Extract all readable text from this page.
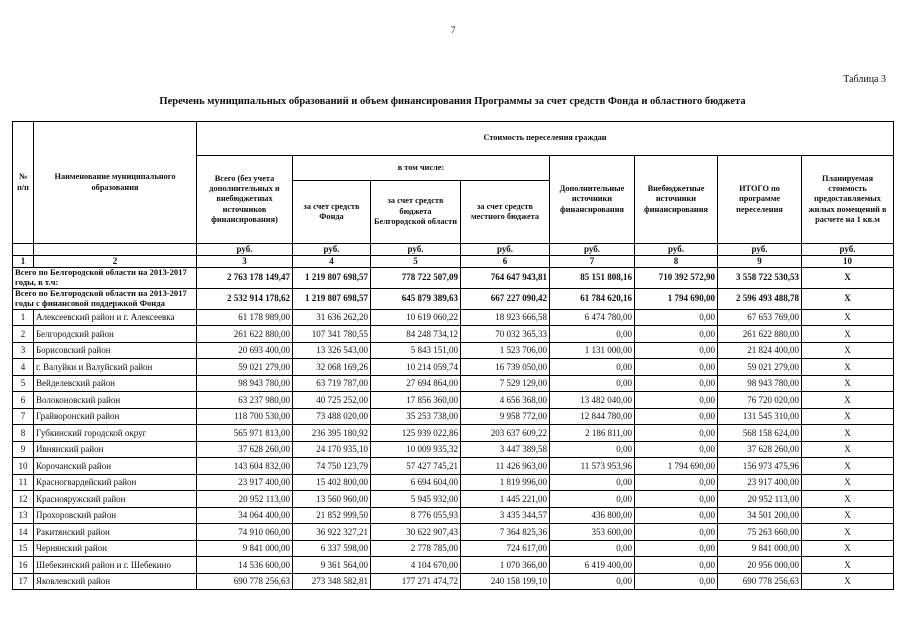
7
Таблица 3
Перечень муниципальных образований и объем финансирования Программы за счет средств Фонда и областного бюджета
№ п/п	Наименование муниципального образования	Стоимость переселения граждан							
		Всего (без учета дополнительных и внебюджетных источников финансирования)	в том числе:			Дополнительные источники финансирования	Внебюджетные источники финансирования	ИТОГО по программе переселения	Планируемая стоимость предоставляемых жилых помещений в расчете на 1 кв.м
			за счет средств Фонда	за счет средств бюджета Белгородской области	за счет средств местного бюджета				
		руб.	руб.	руб.	руб.	руб.	руб.	руб.	руб.
1	2	3	4	5	6	7	8	9	10
Всего по Белгородской области на 2013-2017 годы, в т.ч:		2 763 178 149,47	1 219 807 698,57	778 722 507,09	764 647 943,81	85 151 808,16	710 392 572,90	3 558 722 530,53	X
Всего по Белгородской области на 2013-2017 годы с финансовой поддержкой Фонда		2 532 914 178,62	1 219 807 698,57	645 879 389,63	667 227 090,42	61 784 620,16	1 794 690,00	2 596 493 488,78	X
1	Алексеевский район и г. Алексеевка	61 178 989,00	31 636 262,20	10 619 060,22	18 923 666,58	6 474 780,00	0,00	67 653 769,00	X
2	Белгородский район	261 622 880,00	107 341 780,55	84 248 734,12	70 032 365,33	0,00	0,00	261 622 880,00	X
3	Борисовский район	20 693 400,00	13 326 543,00	5 843 151,00	1 523 706,00	1 131 000,00	0,00	21 824 400,00	X
4	г. Валуйки и Валуйский район	59 021 279,00	32 068 169,26	10 214 059,74	16 739 050,00	0,00	0,00	59 021 279,00	X
5	Вейделевский район	98 943 780,00	63 719 787,00	27 694 864,00	7 529 129,00	0,00	0,00	98 943 780,00	X
6	Волоконовский район	63 237 980,00	40 725 252,00	17 856 360,00	4 656 368,00	13 482 040,00	0,00	76 720 020,00	X
7	Грайворонский район	118 700 530,00	73 488 020,00	35 253 738,00	9 958 772,00	12 844 780,00	0,00	131 545 310,00	X
8	Губкинский городской округ	565 971 813,00	236 395 180,92	125 939 022,86	203 637 609,22	2 186 811,00	0,00	568 158 624,00	X
9	Ивнянский район	37 628 260,00	24 170 935,10	10 009 935,32	3 447 389,58	0,00	0,00	37 628 260,00	X
10	Корочанский район	143 604 832,00	74 750 123,79	57 427 745,21	11 426 963,00	11 573 953,96	1 794 690,00	156 973 475,96	X
11	Красногвардейский район	23 917 400,00	15 402 800,00	6 694 604,00	1 819 996,00	0,00	0,00	23 917 400,00	X
12	Краснояружский район	20 952 113,00	13 560 960,00	5 945 932,00	1 445 221,00	0,00	0,00	20 952 113,00	X
13	Прохоровский район	34 064 400,00	21 852 999,50	8 776 055,93	3 435 344,57	436 800,00	0,00	34 501 200,00	X
14	Ракитянский район	74 910 060,00	36 922 327,21	30 622 907,43	7 364 825,36	353 600,00	0,00	75 263 660,00	X
15	Чернянский район	9 841 000,00	6 337 598,00	2 778 785,00	724 617,00	0,00	0,00	9 841 000,00	X
16	Шебекинский район и г. Шебекино	14 536 600,00	9 361 564,00	4 104 670,00	1 070 366,00	6 419 400,00	0,00	20 956 000,00	X
17	Яковлевский район	690 778 256,63	273 348 582,81	177 271 474,72	240 158 199,10	0,00	0,00	690 778 256,63	X
